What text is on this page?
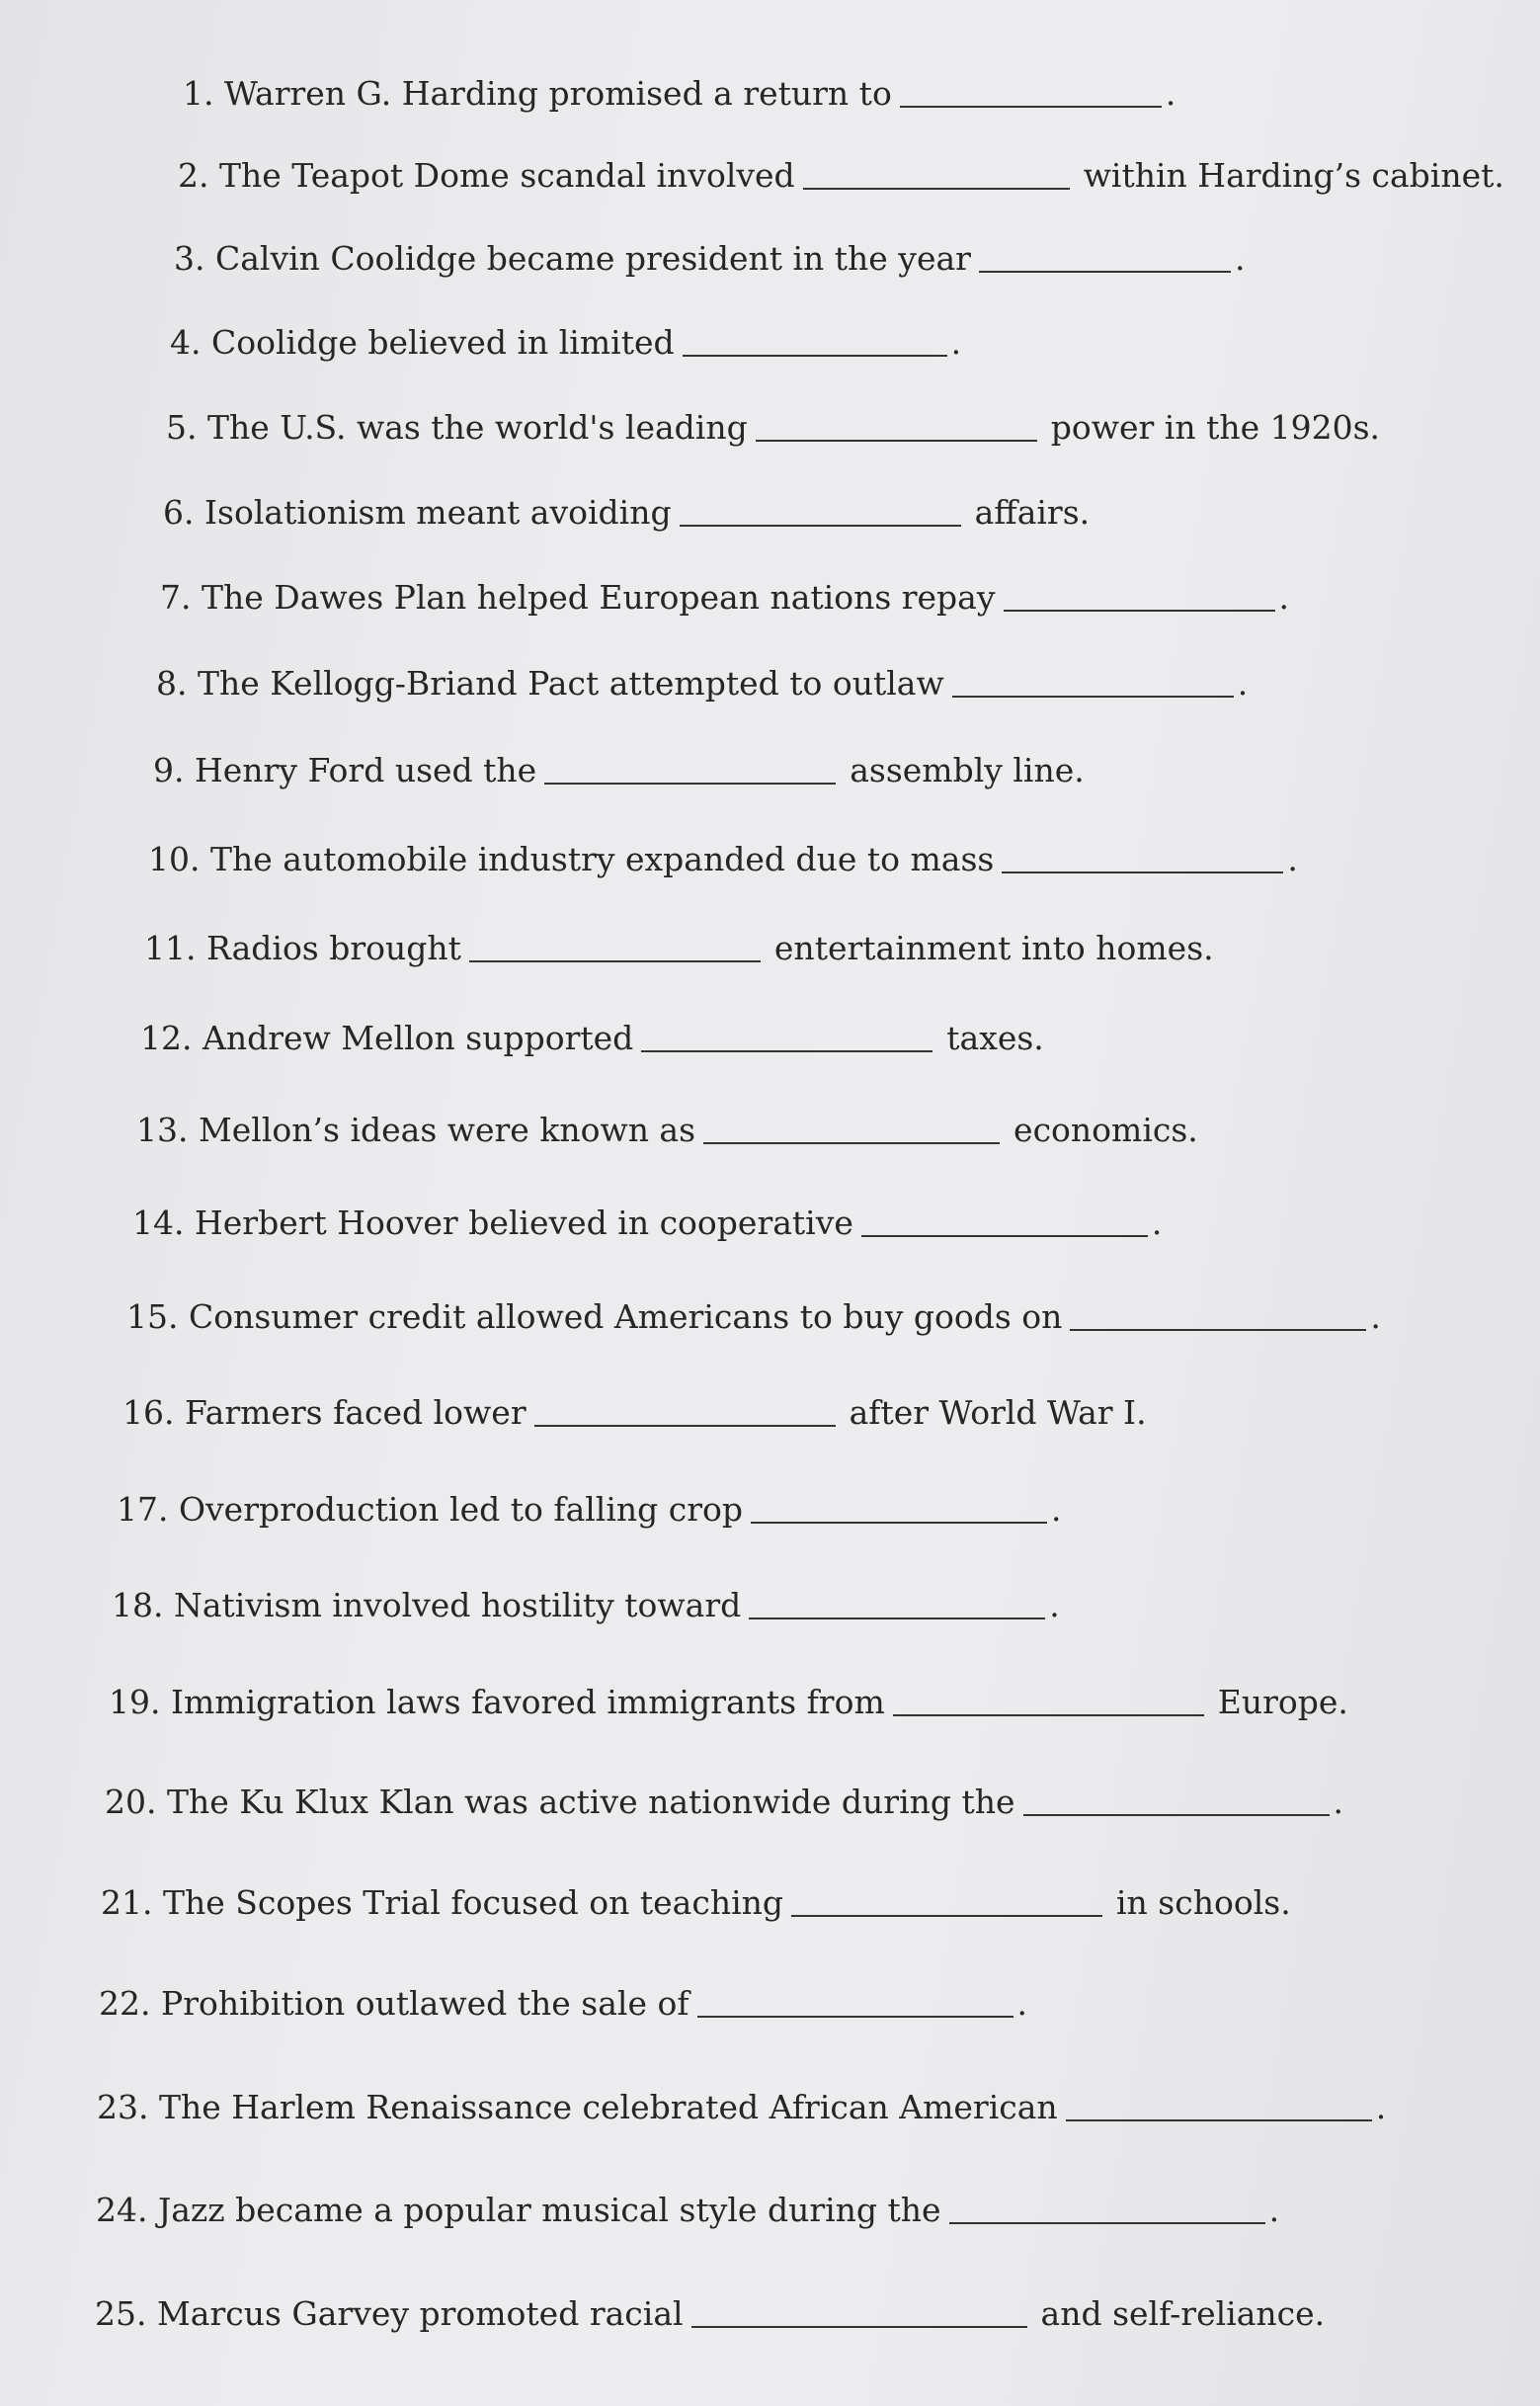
1.
Warren G. Harding promised a return to	.
2.
The Teapot Dome scandal involved	within Harding’s cabinet.
3.
Calvin Coolidge became president in the year	.
4.
Coolidge believed in limited	.
5.
The U.S. was the world's leading	power in the 1920s.
6.
Isolationism meant avoiding	affairs.
7.
The Dawes Plan helped European nations repay	.
8.
The Kellogg-Briand Pact attempted to outlaw	.
9.
Henry Ford used the	assembly line.
10.
The automobile industry expanded due to mass	.
11.
Radios brought	entertainment into homes.
12.
Andrew Mellon supported	taxes.
13.
Mellon’s ideas were known as	economics.
14.
Herbert Hoover believed in cooperative	.
15.
Consumer credit allowed Americans to buy goods on	.
16.
Farmers faced lower	after World War I.
17.
Overproduction led to falling crop	.
18.
Nativism involved hostility toward	.
19.
Immigration laws favored immigrants from	Europe.
20.
The Ku Klux Klan was active nationwide during the	.
21.
The Scopes Trial focused on teaching	in schools.
22.
Prohibition outlawed the sale of	.
23.
The Harlem Renaissance celebrated African American	.
24.
Jazz became a popular musical style during the	.
25.
Marcus Garvey promoted racial	and self-reliance.
